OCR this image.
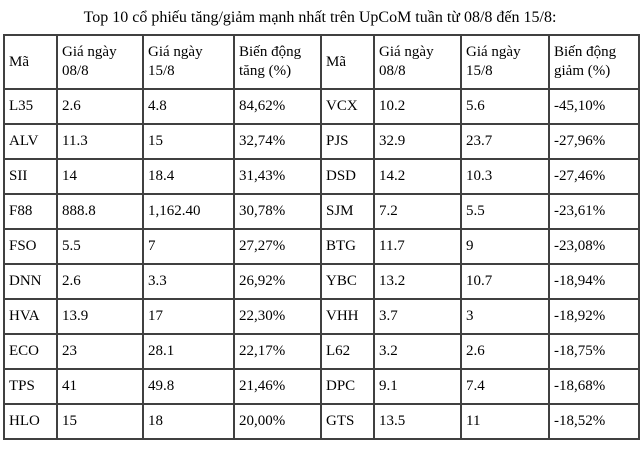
Top 10 cổ phiếu tăng/giảm mạnh nhất trên UpCoM tuần từ 08/8 đến 15/8:
Mã	Giá ngày 08/8	Giá ngày 15/8	Biến động tăng (%)	Mã	Giá ngày 08/8	Giá ngày 15/8	Biến động giảm (%)
L35	2.6	4.8	84,62%	VCX	10.2	5.6	-45,10%
ALV	11.3	15	32,74%	PJS	32.9	23.7	-27,96%
SII	14	18.4	31,43%	DSD	14.2	10.3	-27,46%
F88	888.8	1,162.40	30,78%	SJM	7.2	5.5	-23,61%
FSO	5.5	7	27,27%	BTG	11.7	9	-23,08%
DNN	2.6	3.3	26,92%	YBC	13.2	10.7	-18,94%
HVA	13.9	17	22,30%	VHH	3.7	3	-18,92%
ECO	23	28.1	22,17%	L62	3.2	2.6	-18,75%
TPS	41	49.8	21,46%	DPC	9.1	7.4	-18,68%
HLO	15	18	20,00%	GTS	13.5	11	-18,52%
